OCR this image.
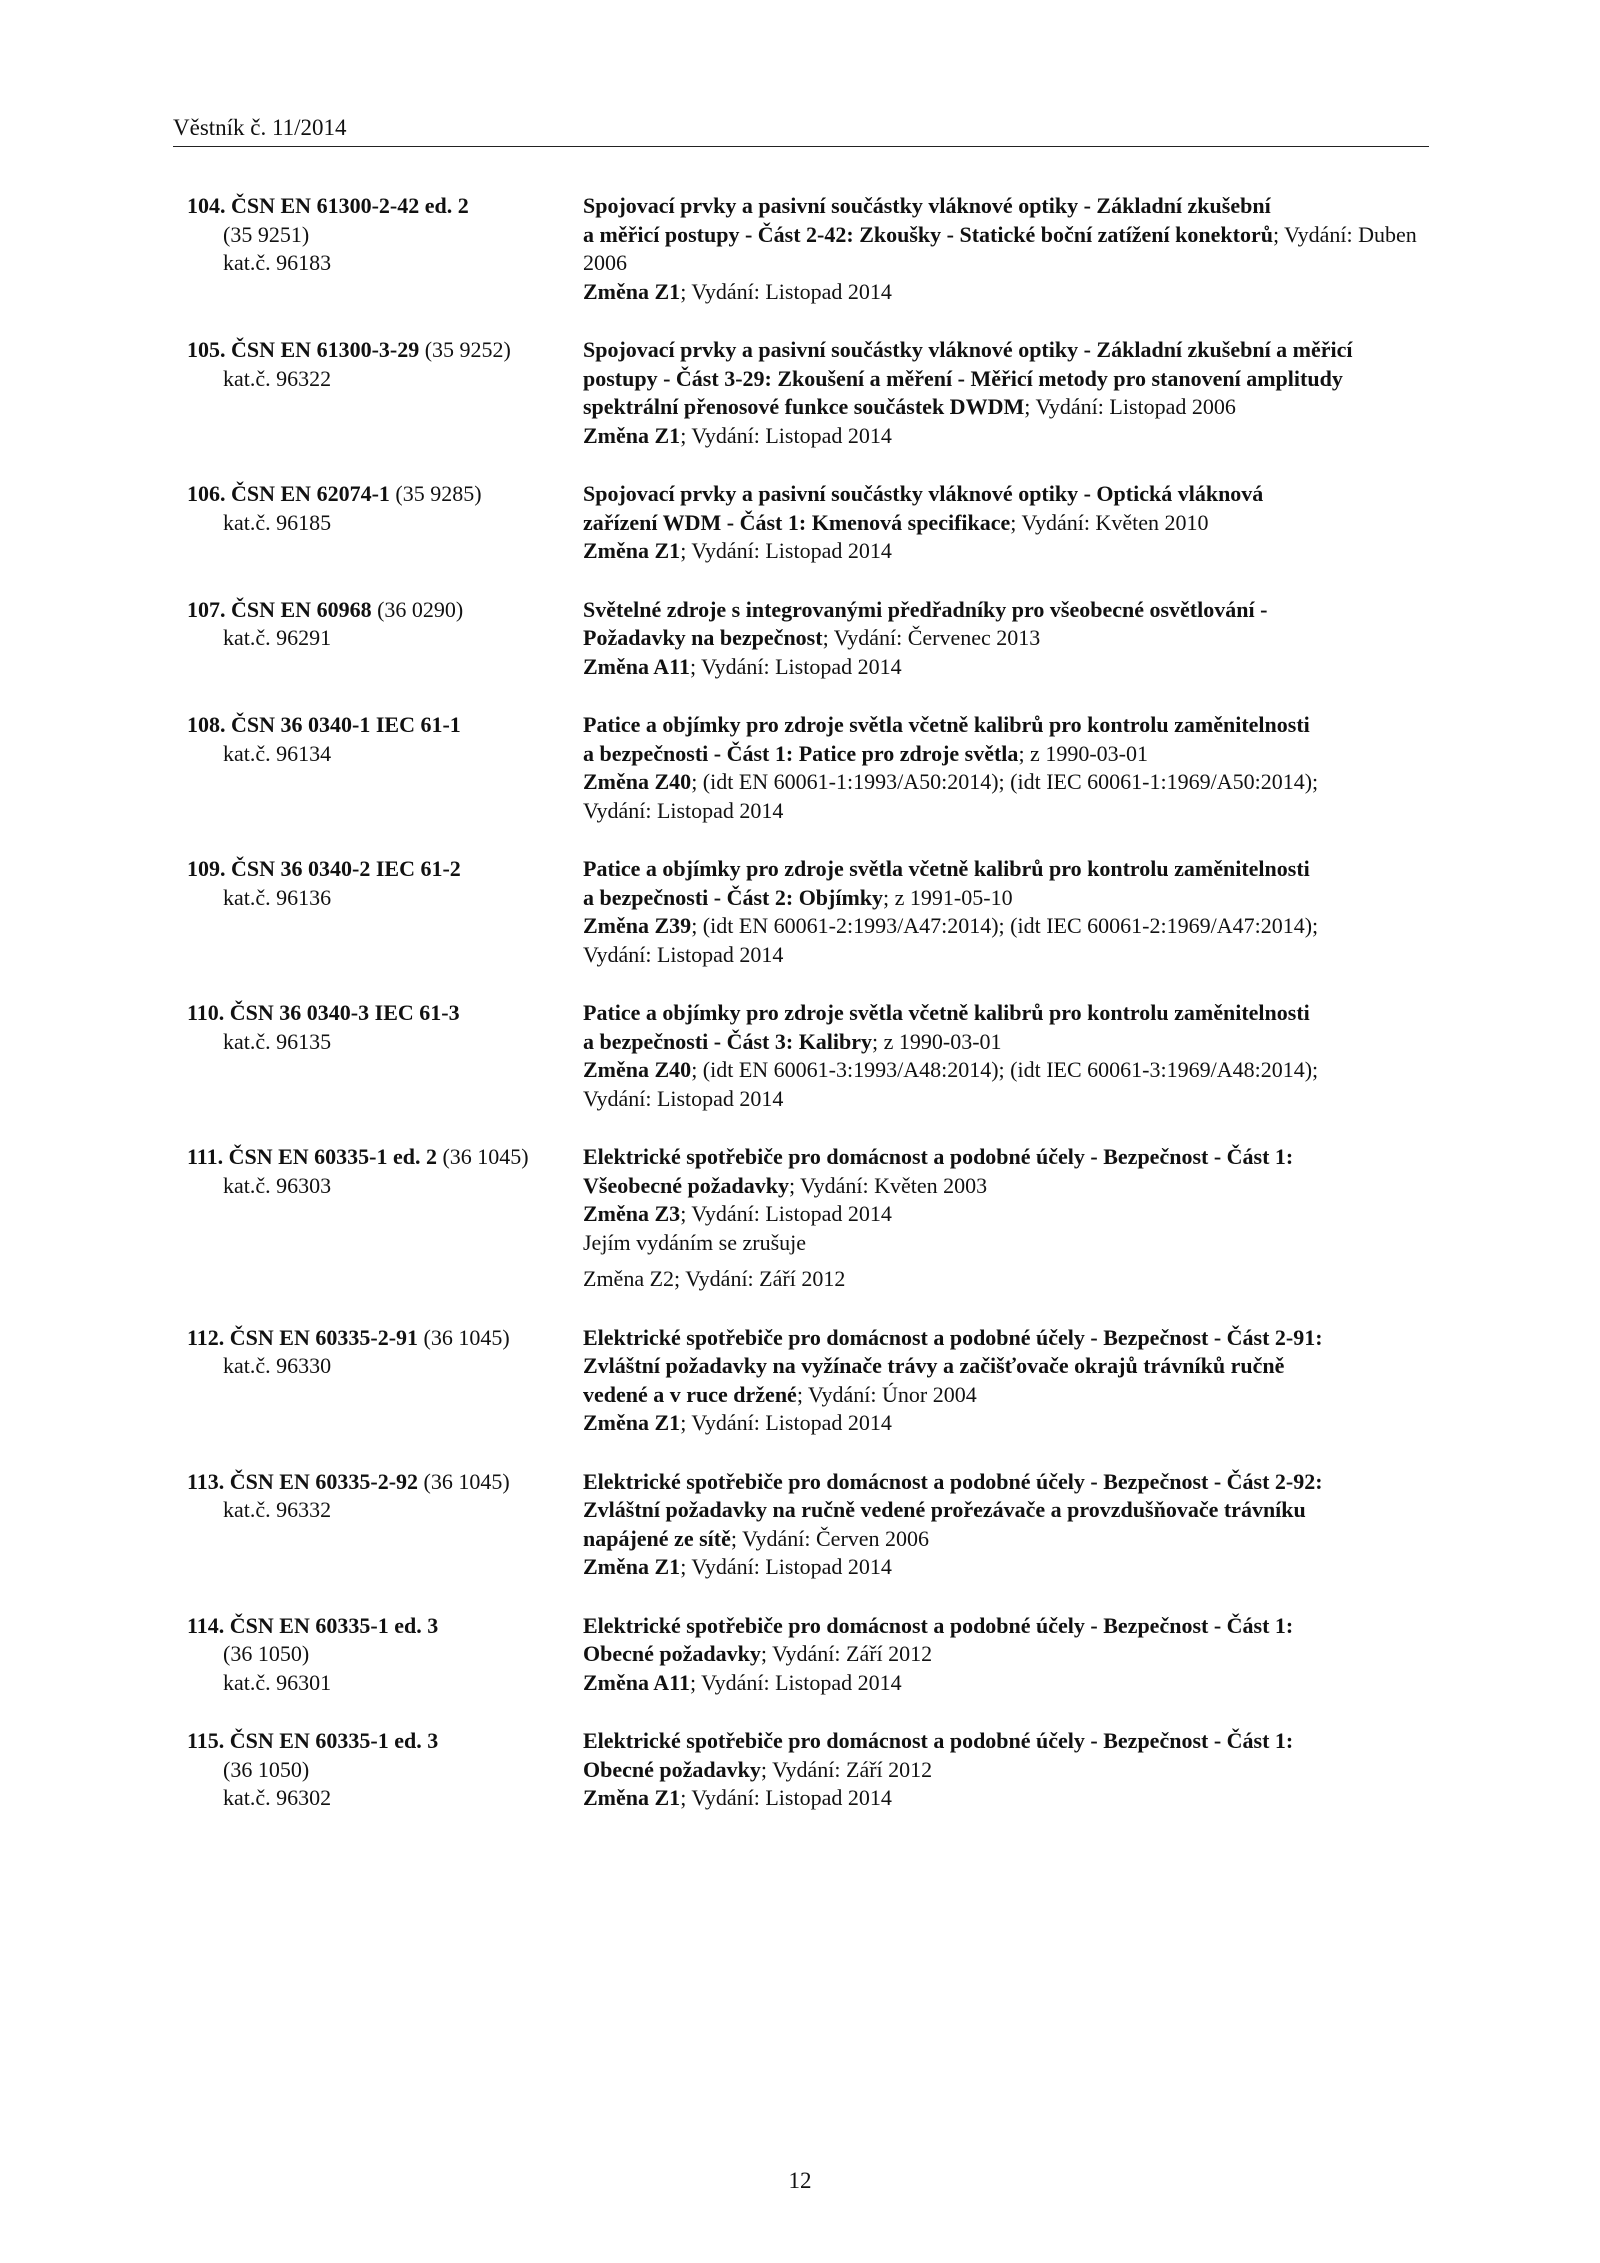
Věstník č. 11/2014
104. ČSN EN 61300-2-42 ed. 2
(35 9251)
kat.č. 96183
Spojovací prvky a pasivní součástky vláknové optiky - Základní zkušební
a měřicí postupy - Část 2-42: Zkoušky - Statické boční zatížení konektorů; Vydání: Duben 2006
Změna Z1; Vydání: Listopad 2014
105. ČSN EN 61300-3-29 (35 9252)
kat.č. 96322
Spojovací prvky a pasivní součástky vláknové optiky - Základní zkušební a měřicí
postupy - Část 3-29: Zkoušení a měření - Měřicí metody pro stanovení amplitudy
spektrální přenosové funkce součástek DWDM; Vydání: Listopad 2006
Změna Z1; Vydání: Listopad 2014
106. ČSN EN 62074-1 (35 9285)
kat.č. 96185
Spojovací prvky a pasivní součástky vláknové optiky - Optická vláknová
zařízení WDM - Část 1: Kmenová specifikace; Vydání: Květen 2010
Změna Z1; Vydání: Listopad 2014
107. ČSN EN 60968 (36 0290)
kat.č. 96291
Světelné zdroje s integrovanými předřadníky pro všeobecné osvětlování -
Požadavky na bezpečnost; Vydání: Červenec 2013
Změna A11; Vydání: Listopad 2014
108. ČSN 36 0340-1 IEC 61-1
kat.č. 96134
Patice a objímky pro zdroje světla včetně kalibrů pro kontrolu zaměnitelnosti
a bezpečnosti - Část 1: Patice pro zdroje světla; z 1990-03-01
Změna Z40; (idt EN 60061-1:1993/A50:2014); (idt IEC 60061-1:1969/A50:2014);
Vydání: Listopad 2014
109. ČSN 36 0340-2 IEC 61-2
kat.č. 96136
Patice a objímky pro zdroje světla včetně kalibrů pro kontrolu zaměnitelnosti
a bezpečnosti - Část 2: Objímky; z 1991-05-10
Změna Z39; (idt EN 60061-2:1993/A47:2014); (idt IEC 60061-2:1969/A47:2014);
Vydání: Listopad 2014
110. ČSN 36 0340-3 IEC 61-3
kat.č. 96135
Patice a objímky pro zdroje světla včetně kalibrů pro kontrolu zaměnitelnosti
a bezpečnosti - Část 3: Kalibry; z 1990-03-01
Změna Z40; (idt EN 60061-3:1993/A48:2014); (idt IEC 60061-3:1969/A48:2014);
Vydání: Listopad 2014
111. ČSN EN 60335-1 ed. 2 (36 1045)
kat.č. 96303
Elektrické spotřebiče pro domácnost a podobné účely - Bezpečnost - Část 1:
Všeobecné požadavky; Vydání: Květen 2003
Změna Z3; Vydání: Listopad 2014
Jejím vydáním se zrušuje
Změna Z2; Vydání: Září 2012
112. ČSN EN 60335-2-91 (36 1045)
kat.č. 96330
Elektrické spotřebiče pro domácnost a podobné účely - Bezpečnost - Část 2-91:
Zvláštní požadavky na vyžínače trávy a začišťovače okrajů trávníků ručně
vedené a v ruce držené; Vydání: Únor 2004
Změna Z1; Vydání: Listopad 2014
113. ČSN EN 60335-2-92 (36 1045)
kat.č. 96332
Elektrické spotřebiče pro domácnost a podobné účely - Bezpečnost - Část 2-92:
Zvláštní požadavky na ručně vedené prořezávače a provzdušňovače trávníku
napájené ze sítě; Vydání: Červen 2006
Změna Z1; Vydání: Listopad 2014
114. ČSN EN 60335-1 ed. 3
(36 1050)
kat.č. 96301
Elektrické spotřebiče pro domácnost a podobné účely - Bezpečnost - Část 1:
Obecné požadavky; Vydání: Září 2012
Změna A11; Vydání: Listopad 2014
115. ČSN EN 60335-1 ed. 3
(36 1050)
kat.č. 96302
Elektrické spotřebiče pro domácnost a podobné účely - Bezpečnost - Část 1:
Obecné požadavky; Vydání: Září 2012
Změna Z1; Vydání: Listopad 2014
12
